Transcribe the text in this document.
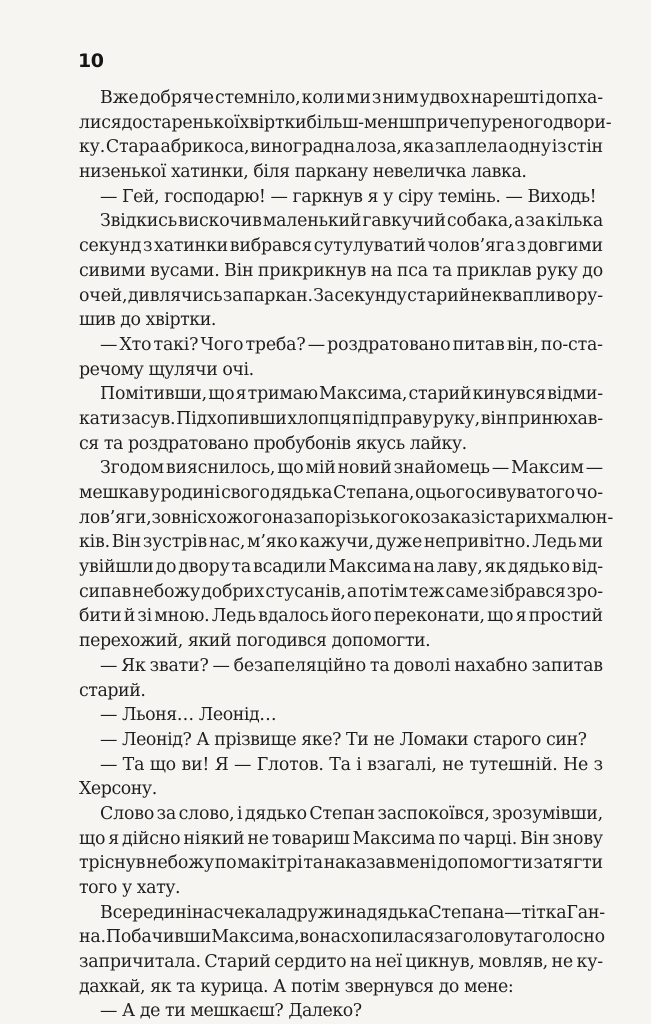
10
Вже добряче стемніло, коли ми з ним удвох нарешті допха-
лися до старенької хвіртки більш-менш причепуреного двори-
ку. Стара абрикоса, виноградна лоза, яка заплела одну із стін
низенької хатинки, біля паркану невеличка лавка.
— Гей, господарю! — гаркнув я у сіру темінь. — Виходь!
Звідкись вискочив маленький гавкучий собака, а за кілька
секунд з хатинки вибрався сутулуватий чолов’яга з довгими
сивими вусами. Він прикрикнув на пса та приклав руку до
очей, дивлячись за паркан. За секунду старий неквапливо ру-
шив до хвіртки.
— Хто такі? Чого треба? — роздратовано питав він, по-ста-
речому щулячи очі.
Помітивши, що я тримаю Максима, старий кинувся відми-
кати засув. Підхопивши хлопця під праву руку, він принюхав-
ся та роздратовано пробубонів якусь лайку.
Згодом вияснилось, що мій новий знайомець — Максим —
мешкав у родині свого дядька Степана, оцього сивуватого чо-
лов’яги, зовні схожого на запорізького козака зі старих малюн-
ків. Він зустрів нас, м’яко кажучи, дуже непривітно. Ледь ми
увійшли до двору та всадили Максима на лаву, як дядько від-
сипав небожу добрих стусанів, а потім теж саме зібрався зро-
бити й зі мною. Ледь вдалось його переконати, що я простий
перехожий, який погодився допомогти.
— Як звати? — безапеляційно та доволі нахабно запитав
старий.
— Льоня… Леонід…
— Леонід? А прізвище яке? Ти не Ломаки старого син?
— Та що ви! Я — Глотов. Та і взагалі, не тутешній. Не з
Херсону.
Слово за слово, і дядько Степан заспокоївся, зрозумівши,
що я дійсно ніякий не товариш Максима по чарці. Він знову
тріснув небожу по макітрі та наказав мені допомогти затягти
того у хату.
Всередині нас чекала дружина дядька Степана — тітка Ган-
на. Побачивши Максима, вона схопилася за голову та голосно
запричитала. Старий сердито на неї цикнув, мовляв, не ку-
дахкай, як та курица. А потім звернувся до мене:
— А де ти мешкаєш? Далеко?
